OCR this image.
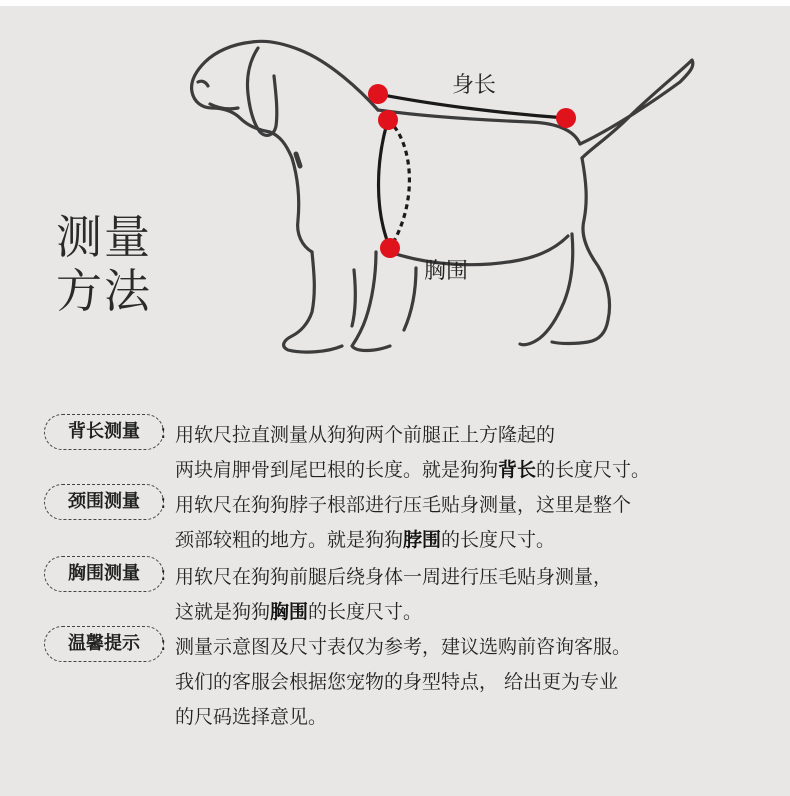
测量
方法
身长
胸围
背长测量	: 用软尺拉直测量从狗狗两个前腿正上方隆起的
两块肩胛骨到尾巴根的长度。就是狗狗背长的长度尺寸。
颈围测量	: 用软尺在狗狗脖子根部进行压毛贴身测量，这里是整个
颈部较粗的地方。就是狗狗脖围的长度尺寸。
胸围测量	: 用软尺在狗狗前腿后绕身体一周进行压毛贴身测量，
这就是狗狗胸围的长度尺寸。
温馨提示	: 测量示意图及尺寸表仅为参考，建议选购前咨询客服。
我们的客服会根据您宠物的身型特点， 给出更为专业
的尺码选择意见。
